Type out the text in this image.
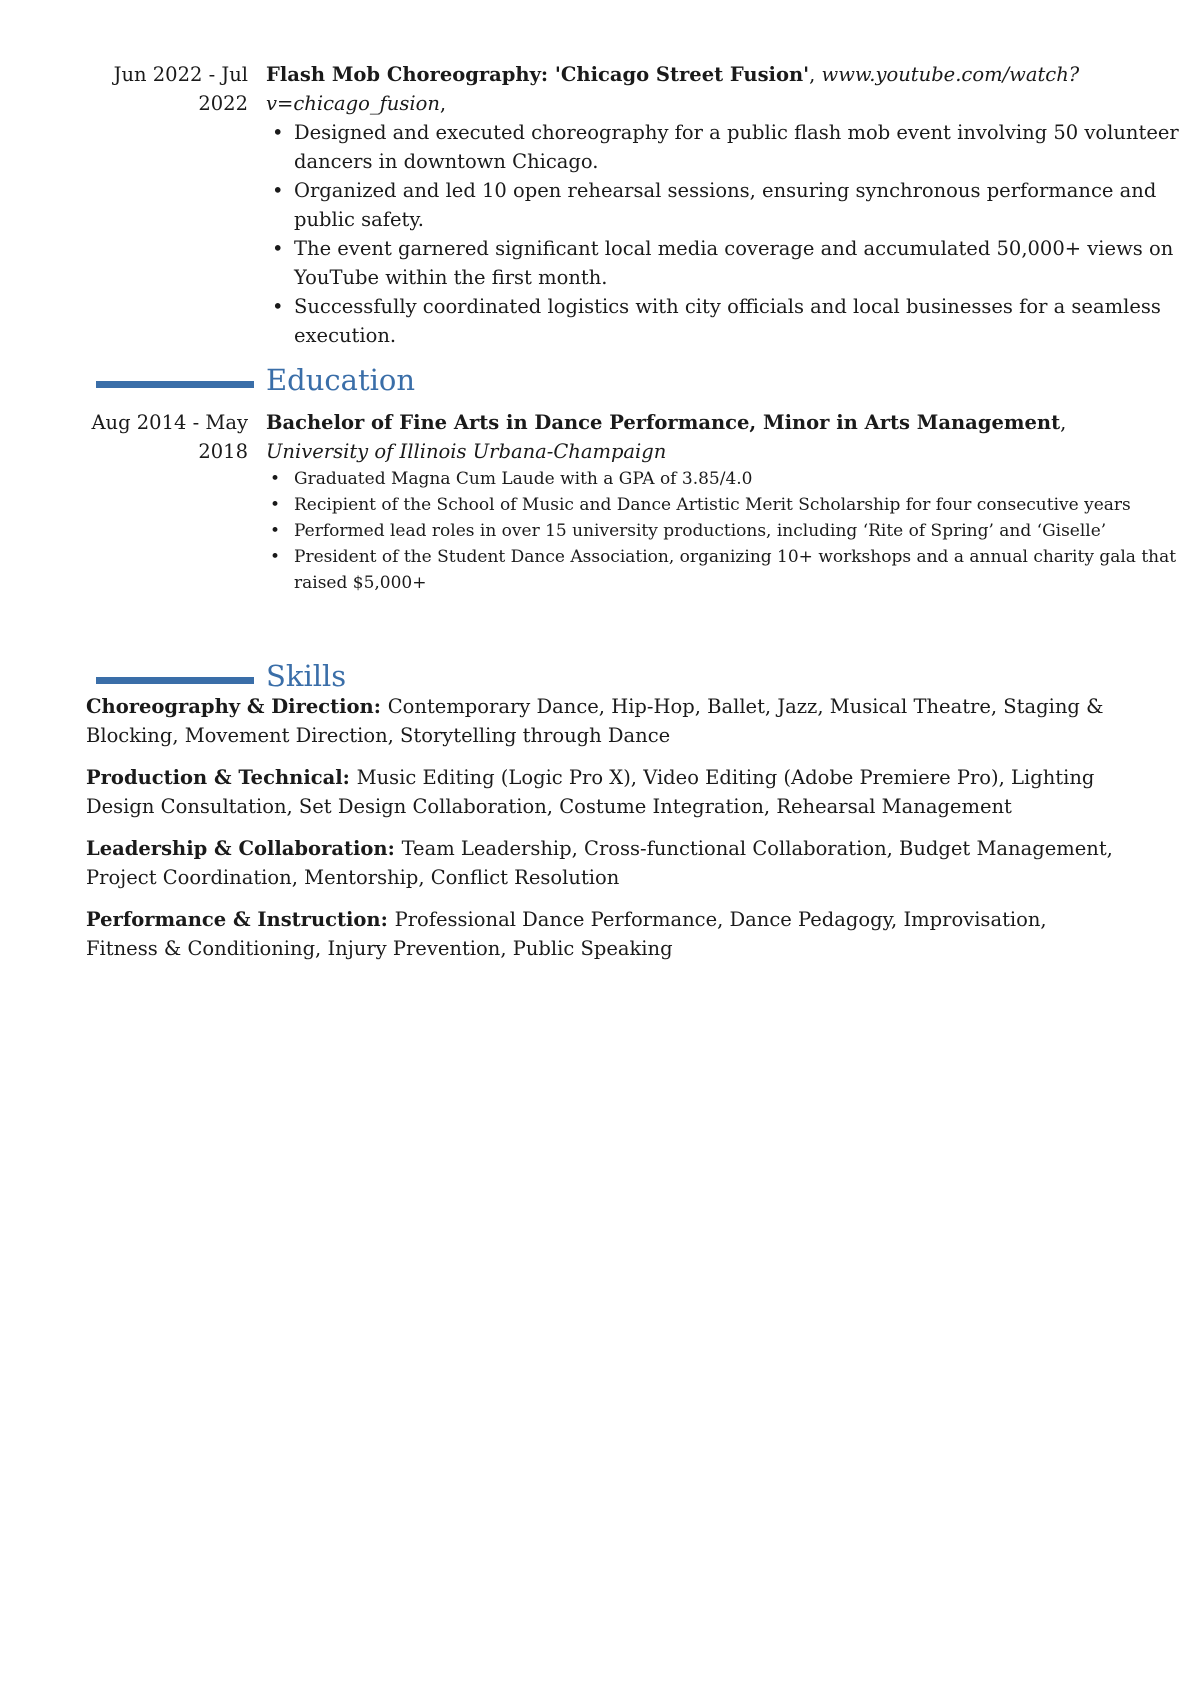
Jun 2022 - Jul 2022
Flash Mob Choreography: 'Chicago Street Fusion', www.youtube.com/watch?v=chicago_fusion,
• Designed and executed choreography for a public flash mob event involving 50 volunteer dancers in downtown Chicago.
• Organized and led 10 open rehearsal sessions, ensuring synchronous performance and public safety.
• The event garnered significant local media coverage and accumulated 50,000+ views on YouTube within the first month.
• Successfully coordinated logistics with city officials and local businesses for a seamless execution.
Education
Aug 2014 - May 2018
Bachelor of Fine Arts in Dance Performance, Minor in Arts Management,
University of Illinois Urbana-Champaign
• Graduated Magna Cum Laude with a GPA of 3.85/4.0
• Recipient of the School of Music and Dance Artistic Merit Scholarship for four consecutive years
• Performed lead roles in over 15 university productions, including ‘Rite of Spring’ and ‘Giselle’
• President of the Student Dance Association, organizing 10+ workshops and a annual charity gala that raised $5,000+
Skills
Choreography & Direction: Contemporary Dance, Hip-Hop, Ballet, Jazz, Musical Theatre, Staging & Blocking, Movement Direction, Storytelling through Dance
Production & Technical: Music Editing (Logic Pro X), Video Editing (Adobe Premiere Pro), Lighting Design Consultation, Set Design Collaboration, Costume Integration, Rehearsal Management
Leadership & Collaboration: Team Leadership, Cross-functional Collaboration, Budget Management, Project Coordination, Mentorship, Conflict Resolution
Performance & Instruction: Professional Dance Performance, Dance Pedagogy, Improvisation, Fitness & Conditioning, Injury Prevention, Public Speaking
